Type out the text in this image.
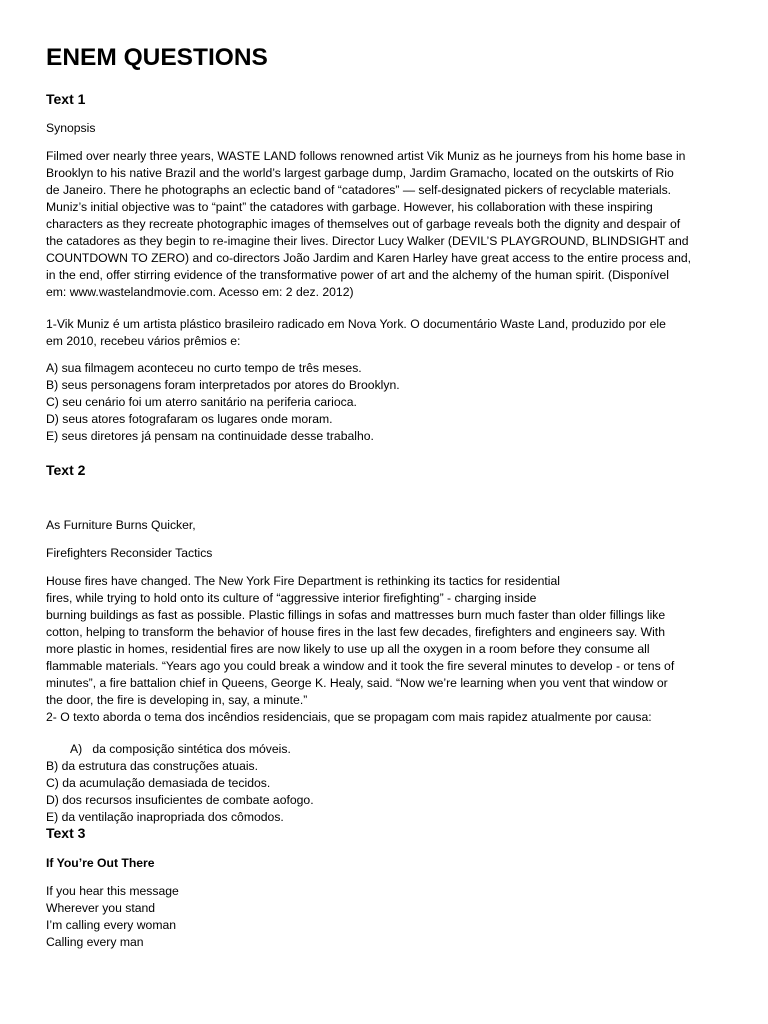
ENEM QUESTIONS
Text 1
Synopsis
Filmed over nearly three years, WASTE LAND follows renowned artist Vik Muniz as he journeys from his home base in
Brooklyn to his native Brazil and the world’s largest garbage dump, Jardim Gramacho, located on the outskirts of Rio
de Janeiro. There he photographs an eclectic band of “catadores” — self-designated pickers of recyclable materials.
Muniz’s initial objective was to “paint” the catadores with garbage. However, his collaboration with these inspiring
characters as they recreate photographic images of themselves out of garbage reveals both the dignity and despair of
the catadores as they begin to re-imagine their lives. Director Lucy Walker (DEVIL’S PLAYGROUND, BLINDSIGHT and
COUNTDOWN TO ZERO) and co-directors João Jardim and Karen Harley have great access to the entire process and,
in the end, offer stirring evidence of the transformative power of art and the alchemy of the human spirit. (Disponível
em: www.wastelandmovie.com. Acesso em: 2 dez. 2012)
1-Vik Muniz é um artista plástico brasileiro radicado em Nova York. O documentário Waste Land, produzido por ele
em 2010, recebeu vários prêmios e:
A) sua filmagem aconteceu no curto tempo de três meses.
B) seus personagens foram interpretados por atores do Brooklyn.
C) seu cenário foi um aterro sanitário na periferia carioca.
D) seus atores fotografaram os lugares onde moram.
E) seus diretores já pensam na continuidade desse trabalho.
Text 2
As Furniture Burns Quicker,
Firefighters Reconsider Tactics
House fires have changed. The New York Fire Department is rethinking its tactics for residential
fires, while trying to hold onto its culture of “aggressive interior firefighting” - charging inside
burning buildings as fast as possible. Plastic fillings in sofas and mattresses burn much faster than older fillings like
cotton, helping to transform the behavior of house fires in the last few decades, firefighters and engineers say. With
more plastic in homes, residential fires are now likely to use up all the oxygen in a room before they consume all
flammable materials. “Years ago you could break a window and it took the fire several minutes to develop - or tens of
minutes”, a fire battalion chief in Queens, George K. Healy, said. “Now we’re learning when you vent that window or
the door, the fire is developing in, say, a minute.”
2- O texto aborda o tema dos incêndios residenciais, que se propagam com mais rapidez atualmente por causa:
A) da composição sintética dos móveis.
B) da estrutura das construções atuais.
C) da acumulação demasiada de tecidos.
D) dos recursos insuficientes de combate aofogo.
E) da ventilação inapropriada dos cômodos.
Text 3
If You’re Out There
If you hear this message
Wherever you stand
I’m calling every woman
Calling every man
